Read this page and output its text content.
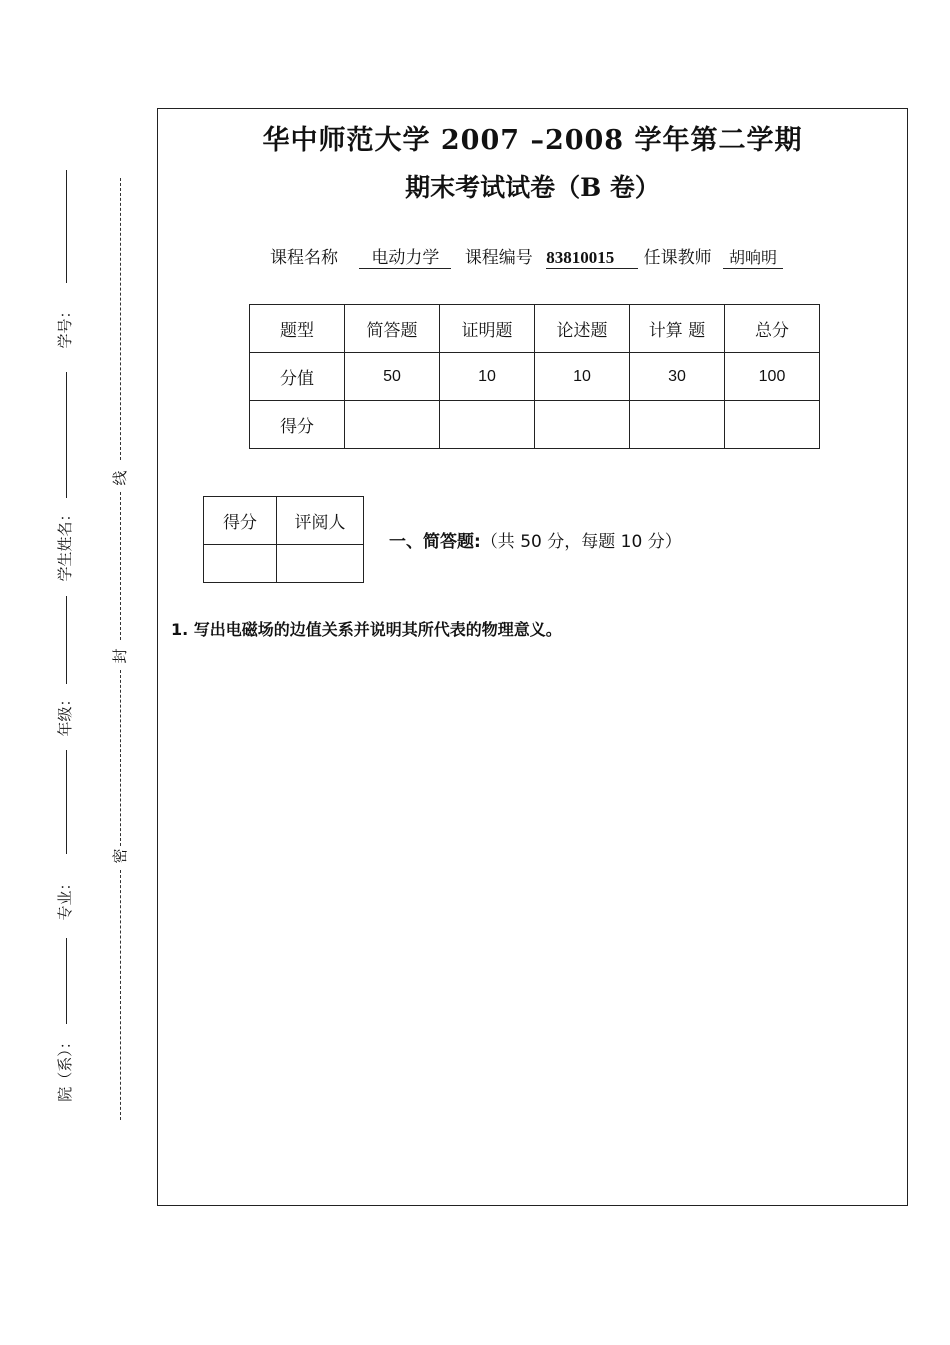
学号：
学生姓名：
年级：
专业：
院（系）：
线
封
密
华中师范大学 2007 –2008 学年第二学期
期末考试试卷（B 卷）
课程名称 电动力学 课程编号 83810015 任课教师 胡响明
题型	简答题	证明题	论述题	计算 题	总分
分值	50	10	10	30	100
得分					
得分	评阅人

一、简答题:（共 50 分，每题 10 分）
1. 写出电磁场的边值关系并说明其所代表的物理意义。
